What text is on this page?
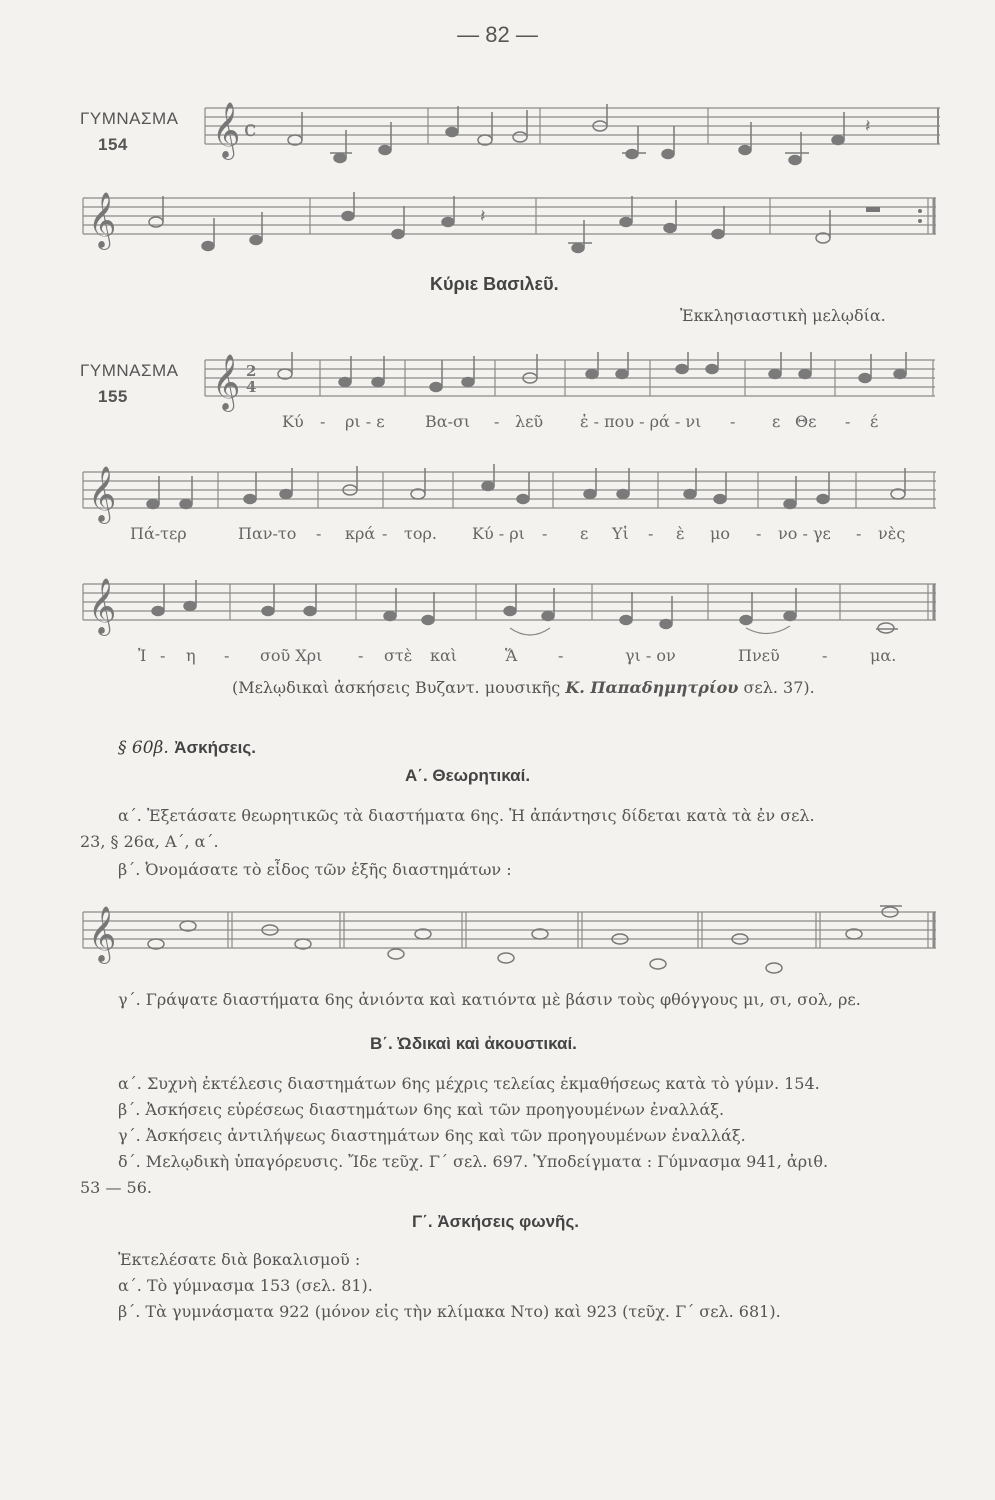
— 82 —
ΓΥΜΝΑΣΜΑ
154	𝄞 c	𝄽
𝄞	𝄽
Κύριε Βασιλεῦ.
Ἐκκλησιαστικὴ μελῳδία.
ΓΥΜΝΑΣΜΑ
155	𝄞 2
4
Κύ - ρι - ε	Βα-σι - λεῦ ἐ - που - ρά - νι - ε Θε - έ
𝄞
Πά-τερ	Παν-το - κρά - τορ. Κύ - ρι - ε Υἱ - ὲ μο - νο - γε - νὲς
𝄞
Ἰ - η - σοῦ Χρι - στὲ καὶ	Ἅ	-	γι - ον	Πνεῦ	-	μα.
(Μελῳδικαὶ ἀσκήσεις Βυζαντ. μουσικῆς Κ. Παπαδημητρίου σελ. 37).
§ 60β. Ἀσκήσεις.
Α΄. Θεωρητικαί.
α΄. Ἐξετάσατε θεωρητικῶς τὰ διαστήματα 6ης. Ἡ ἀπάντησις δίδεται κατὰ τὰ ἐν σελ.
23, § 26α, Α΄, α΄.
β΄. Ὀνομάσατε τὸ εἶδος τῶν ἑξῆς διαστημάτων :
𝄞
γ΄. Γράψατε διαστήματα 6ης ἀνιόντα καὶ κατιόντα μὲ βάσιν τοὺς φθόγγους μι, σι, σολ, ρε.
Β΄. Ὠδικαὶ καὶ ἀκουστικαί.
α΄. Συχνὴ ἐκτέλεσις διαστημάτων 6ης μέχρις τελείας ἐκμαθήσεως κατὰ τὸ γύμν. 154.
β΄. Ἀσκήσεις εὑρέσεως διαστημάτων 6ης καὶ τῶν προηγουμένων ἐναλλάξ.
γ΄. Ἀσκήσεις ἀντιλήψεως διαστημάτων 6ης καὶ τῶν προηγουμένων ἐναλλάξ.
δ΄. Μελῳδικὴ ὑπαγόρευσις. Ἴδε τεῦχ. Γ΄ σελ. 697. Ὑποδείγματα : Γύμνασμα 941, ἀριθ.
53 — 56.
Γ΄. Ἀσκήσεις φωνῆς.
Ἐκτελέσατε διὰ βοκαλισμοῦ :
α΄. Τὸ γύμνασμα 153 (σελ. 81).
β΄. Τὰ γυμνάσματα 922 (μόνον εἰς τὴν κλίμακα Ντο) καὶ 923 (τεῦχ. Γ΄ σελ. 681).
